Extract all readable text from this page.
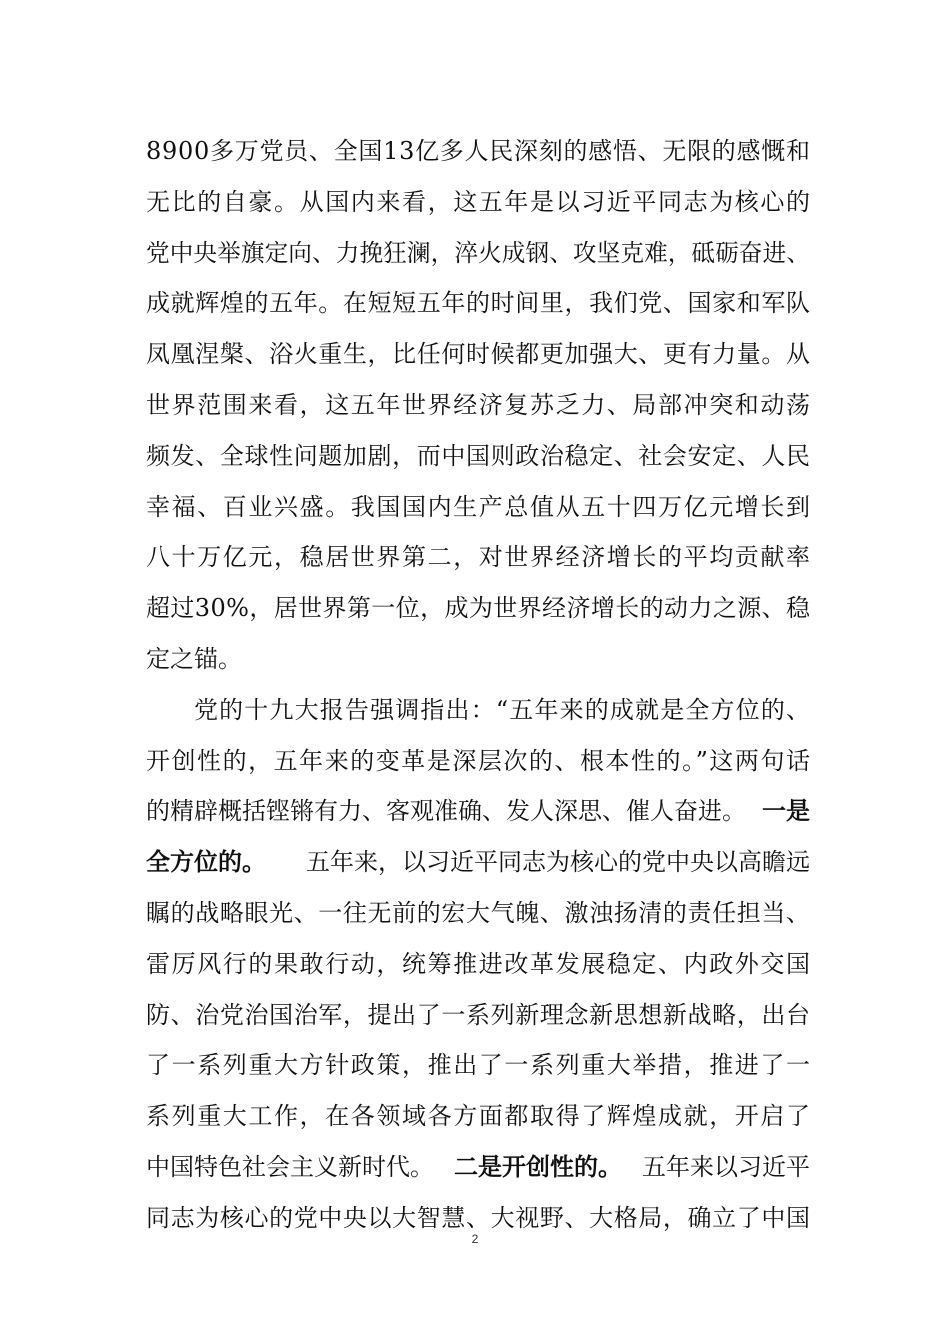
8900多万党员、全国13亿多人民深刻的感悟、无限的感慨和
无比的自豪。从国内来看，这五年是以习近平同志为核心的
党中央举旗定向、力挽狂澜，淬火成钢、攻坚克难，砥砺奋进、
成就辉煌的五年。在短短五年的时间里，我们党、国家和军队
凤凰涅槃、浴火重生，比任何时候都更加强大、更有力量。从
世界范围来看，这五年世界经济复苏乏力、局部冲突和动荡
频发、全球性问题加剧，而中国则政治稳定、社会安定、人民
幸福、百业兴盛。我国国内生产总值从五十四万亿元增长到
八十万亿元，稳居世界第二，对世界经济增长的平均贡献率
超过30%，居世界第一位，成为世界经济增长的动力之源、稳
定之锚。
党的十九大报告强调指出：“五年来的成就是全方位的、
开创性的，五年来的变革是深层次的、根本性的。”这两句话
的精辟概括铿锵有力、客观准确、发人深思、催人奋进。 一是
全方位的。 五年来，以习近平同志为核心的党中央以高瞻远
瞩的战略眼光、一往无前的宏大气魄、激浊扬清的责任担当、
雷厉风行的果敢行动，统筹推进改革发展稳定、内政外交国
防、治党治国治军，提出了一系列新理念新思想新战略，出台
了一系列重大方针政策，推出了一系列重大举措，推进了一
系列重大工作，在各领域各方面都取得了辉煌成就，开启了
中国特色社会主义新时代。 二是开创性的。 五年来以习近平
同志为核心的党中央以大智慧、大视野、大格局，确立了中国
2
